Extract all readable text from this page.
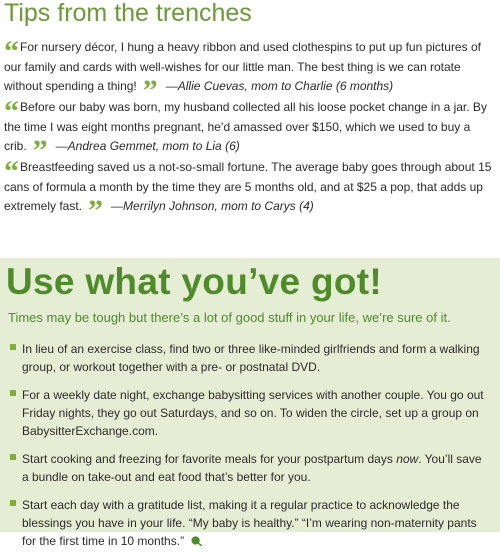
Tips from the trenches

“ For nursery décor, I hung a heavy ribbon and used clothespins to put up fun pictures of our family and cards with well-wishes for our little man. The best thing is we can rotate without spending a thing! ” —Allie Cuevas, mom to Charlie (6 months)

“ Before our baby was born, my husband collected all his loose pocket change in a jar. By the time I was eight months pregnant, he’d amassed over $150, which we used to buy a crib. ” —Andrea Gemmet, mom to Lia (6)

“ Breastfeeding saved us a not-so-small fortune. The average baby goes through about 15 cans of formula a month by the time they are 5 months old, and at $25 a pop, that adds up extremely fast. ” —Merrilyn Johnson, mom to Carys (4)

Use what you’ve got!

Times may be tough but there’s a lot of good stuff in your life, we’re sure of it.

In lieu of an exercise class, find two or three like-minded girlfriends and form a walking group, or workout together with a pre- or postnatal DVD.
For a weekly date night, exchange babysitting services with another couple. You go out Friday nights, they go out Saturdays, and so on. To widen the circle, set up a group on BabysitterExchange.com.
Start cooking and freezing for favorite meals for your postpartum days now. You’ll save a bundle on take-out and eat food that’s better for you.
Start each day with a gratitude list, making it a regular practice to acknowledge the blessings you have in your life. “My baby is healthy.” “I’m wearing non-maternity pants for the first time in 10 months.”
